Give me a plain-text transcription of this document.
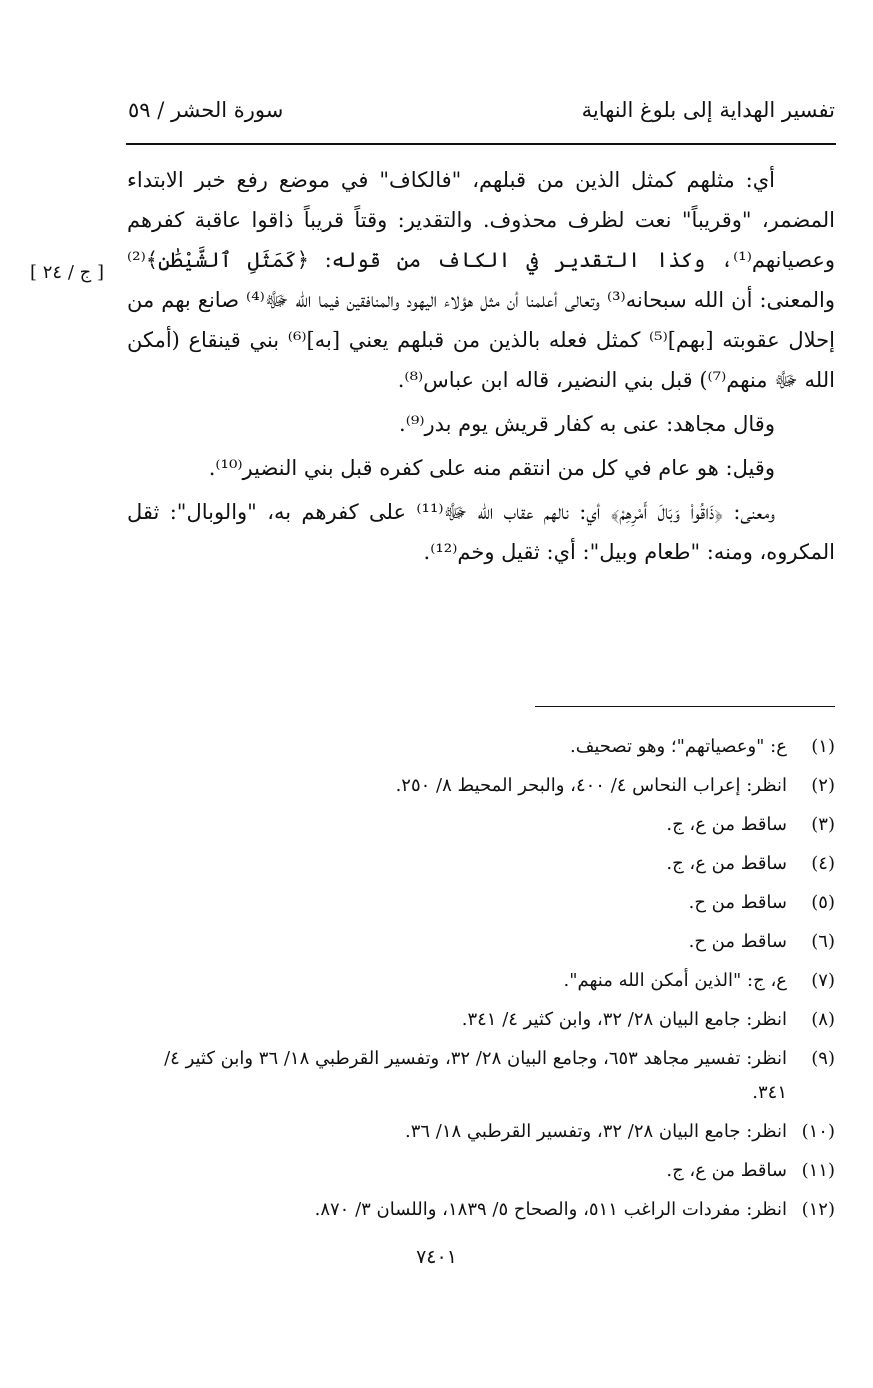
تفسير الهداية إلى بلوغ النهاية
سورة الحشر / ٥٩
[ ج / ٢٤ ]

أي: مثلهم كمثل الذين من قبلهم، "فالكاف" في موضع رفع خبر الابتداء المضمر، "وقريباً" نعت لظرف محذوف. والتقدير: وقتاً قريباً ذاقوا عاقبة كفرهم وعصيانهم⁽¹⁾، وكذا التقدير في الكاف من قوله: ﴿كَمَثَلِ ٱلشَّيْطَٰنِ﴾⁽²⁾ والمعنى: أن الله سبحانه⁽³⁾ وتعالى أعلمنا أن مثل هؤلاء اليهود والمنافقين فيما الله ﷻ⁽⁴⁾ صانع بهم من إحلال عقوبته [بهم]⁽⁵⁾ كمثل فعله بالذين من قبلهم يعني [به]⁽⁶⁾ بني قينقاع (أمكن الله ﷻ منهم⁽⁷⁾) قبل بني النضير، قاله ابن عباس⁽⁸⁾.

وقال مجاهد: عنى به كفار قريش يوم بدر⁽⁹⁾.

وقيل: هو عام في كل من انتقم منه على كفره قبل بني النضير⁽¹⁰⁾.

ومعنى: ﴿ذَاقُواْ وَبَالَ أَمْرِهِمْ﴾ أي: نالهم عقاب الله ﷻ⁽¹¹⁾ على كفرهم به، "والوبال": ثقل المكروه، ومنه: "طعام وبيل": أي: ثقيل وخم⁽¹²⁾.

(١)
ع: "وعصياتهم"؛ وهو تصحيف.
(٢)
انظر: إعراب النحاس ٤/ ٤٠٠، والبحر المحيط ٨/ ٢٥٠.
(٣)
ساقط من ع، ج.
(٤)
ساقط من ع، ج.
(٥)
ساقط من ح.
(٦)
ساقط من ح.
(٧)
ع، ج: "الذين أمكن الله منهم".
(٨)
انظر: جامع البيان ٢٨/ ٣٢، وابن كثير ٤/ ٣٤١.
(٩)
انظر: تفسير مجاهد ٦٥٣، وجامع البيان ٢٨/ ٣٢، وتفسير القرطبي ١٨/ ٣٦ وابن كثير ٤/ ٣٤١.
(١٠)
انظر: جامع البيان ٢٨/ ٣٢، وتفسير القرطبي ١٨/ ٣٦.
(١١)
ساقط من ع، ج.
(١٢)
انظر: مفردات الراغب ٥١١، والصحاح ٥/ ١٨٣٩، واللسان ٣/ ٨٧٠.
٧٤٠١
